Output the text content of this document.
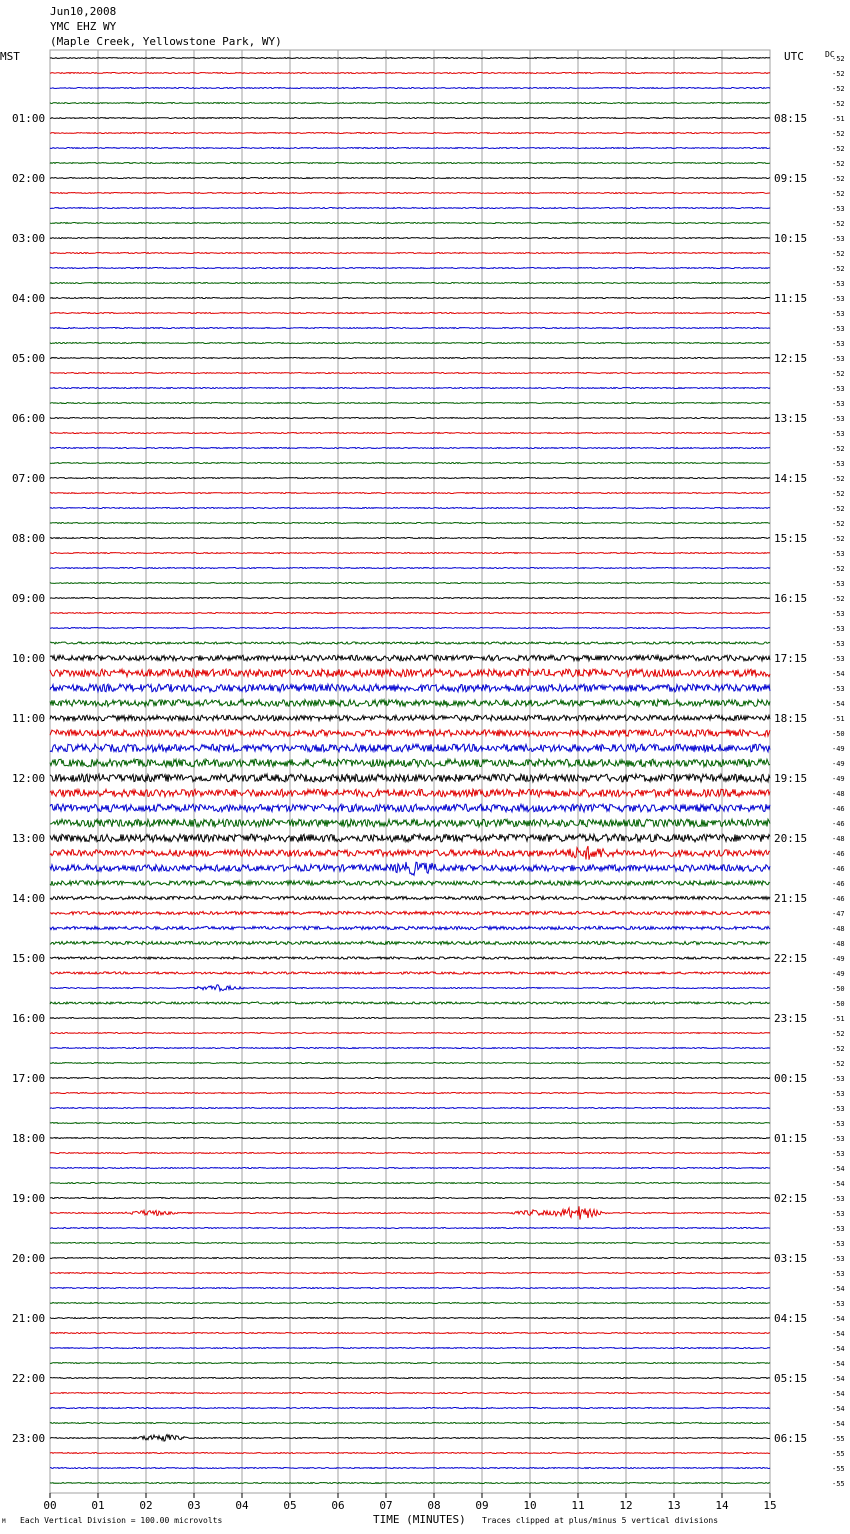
Jun10,2008
YMC EHZ WY
(Maple Creek, Yellowstone Park, WY)
MST	UTC	DC
-52
-52
-52
-52
-51
-52
-52
-52
-52
-52
-53
-52
-53
-52
-52
-53
-53
-53
-53
-53
-53
-52
-53
-53
-53
-53
-52
-53
-52
-52
-52
-52
-52
-53
-52
-53
-52
-53
-53
-53
-53
-54
-53
-54
-51
-50
-49
-49
-49
-48
-46
-46
-48
-46
-46
-46
-46
-47
-48
-48
-49
-49
-50
-50
-51
-52
-52
-52
-53
-53
-53
-53
-53
-53
-54
-54
-53
-53
-53
-53
-53
-53
-54
-53
-54
-54
-54
-54
-54
-54
-54
-54
-55
-55
-55
-55
01:00
02:00
03:00
04:00
05:00
06:00
07:00
08:00
09:00
10:00
11:00
12:00
13:00
14:00
15:00
16:00
17:00
18:00
19:00
20:00
21:00
22:00
23:00
08:15
09:15
10:15
11:15
12:15
13:15
14:15
15:15
16:15
17:15
18:15
19:15
20:15
21:15
22:15
23:15
00:15
01:15
02:15
03:15
04:15
05:15
06:15
00	01	02	03	04	05	06	07	08	09	10	11	12	13	14	15
M Each Vertical Division = 100.00 microvolts	TIME (MINUTES) Traces clipped at plus/minus 5 vertical divisions
